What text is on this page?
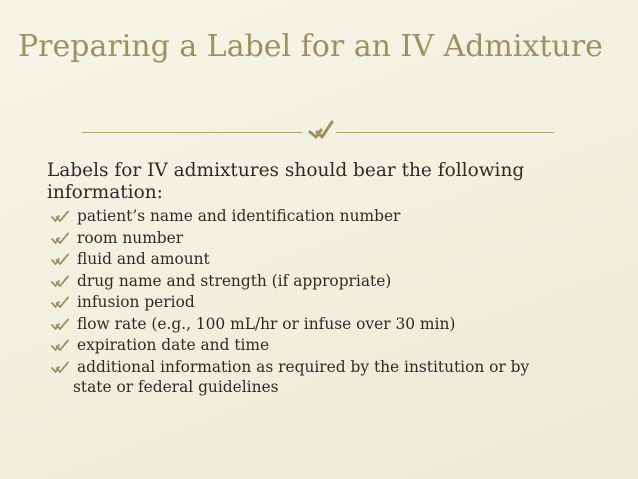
Preparing a Label for an IV Admixture
Labels for IV admixtures should bear the following information:
patient’s name and identification number
room number
fluid and amount
drug name and strength (if appropriate)
infusion period
flow rate (e.g., 100 mL/hr or infuse over 30 min)
expiration date and time
additional information as required by the institution or by
state or federal guidelines
